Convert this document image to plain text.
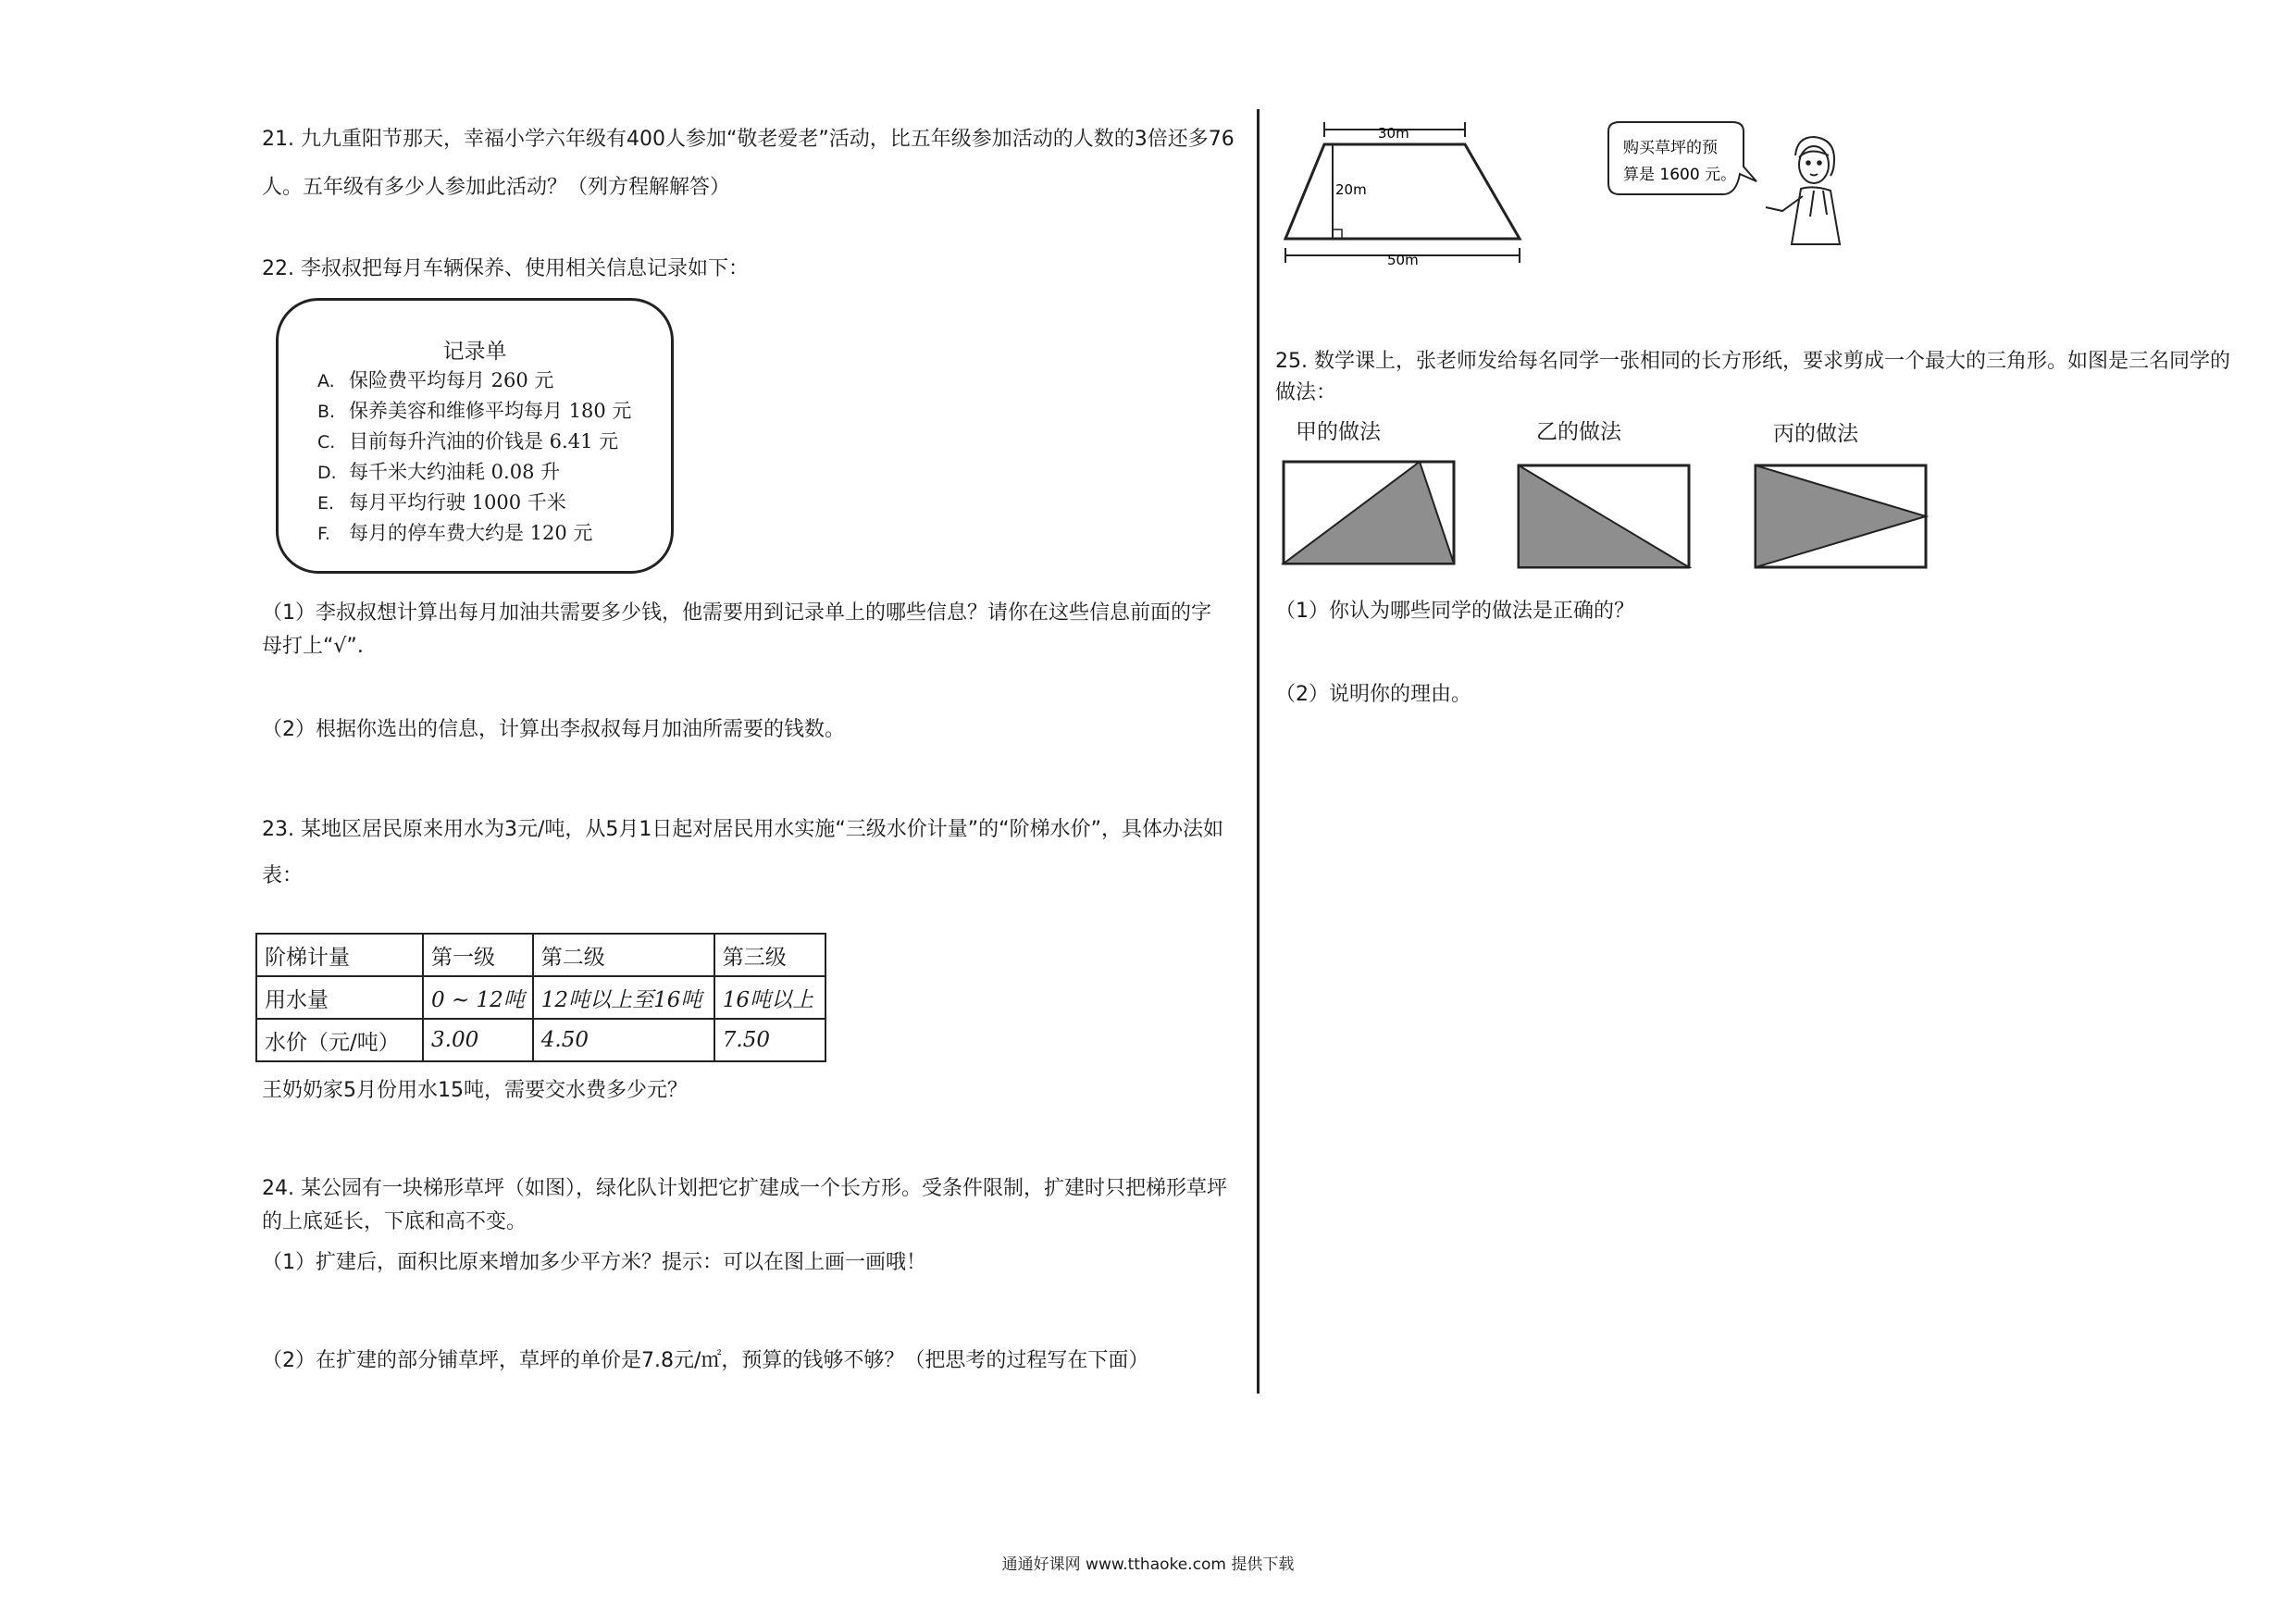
21. 九九重阳节那天，幸福小学六年级有400人参加“敬老爱老”活动，比五年级参加活动的人数的3倍还多76
人。五年级有多少人参加此活动？（列方程解解答）
22. 李叔叔把每月车辆保养、使用相关信息记录如下：
记录单
A. 保险费平均每月 260 元
B. 保养美容和维修平均每月 180 元
C. 目前每升汽油的价钱是 6.41 元
D. 每千米大约油耗 0.08 升
E. 每月平均行驶 1000 千米
F. 每月的停车费大约是 120 元
（1）李叔叔想计算出每月加油共需要多少钱，他需要用到记录单上的哪些信息？请你在这些信息前面的字
母打上“√”.
（2）根据你选出的信息，计算出李叔叔每月加油所需要的钱数。
23. 某地区居民原来用水为3元/吨，从5月1日起对居民用水实施“三级水价计量”的“阶梯水价”，具体办法如
表：
阶梯计量	第一级	第二级	第三级
用水量	0 ~ 12吨	12吨以上至16吨	16吨以上
水价（元/吨）	3.00	4.50	7.50
王奶奶家5月份用水15吨，需要交水费多少元？
24. 某公园有一块梯形草坪（如图），绿化队计划把它扩建成一个长方形。受条件限制，扩建时只把梯形草坪
的上底延长，下底和高不变。
（1）扩建后，面积比原来增加多少平方米？提示：可以在图上画一画哦！
（2）在扩建的部分铺草坪，草坪的单价是7.8元/㎡，预算的钱够不够？（把思考的过程写在下面）
30m
20m
50m
购买草坪的预
算是 1600 元。
25. 数学课上，张老师发给每名同学一张相同的长方形纸，要求剪成一个最大的三角形。如图是三名同学的
做法：
甲的做法	乙的做法	丙的做法
（1）你认为哪些同学的做法是正确的？
（2）说明你的理由。
通通好课网 www.tthaoke.com 提供下载
